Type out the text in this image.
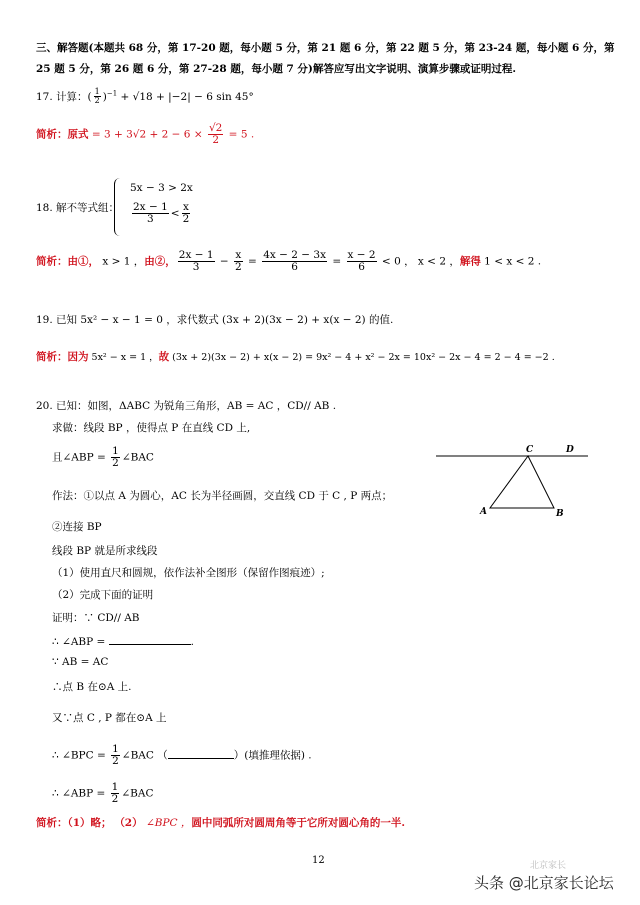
三、解答题(本题共 68 分，第 17-20 题，每小题 5 分，第 21 题 6 分，第 22 题 5 分，第 23-24 题，每小题 6 分，第
25 题 5 分，第 26 题 6 分，第 27-28 题，每小题 7 分)解答应写出文字说明、演算步骤或证明过程.
17. 计算：( $\frac{1}{2} )^{-1} + √18 + |-2| - 6$ sin 45°
简析：原式 = $3 + 3√2 + 2 - 6 \times \frac{√2}{2} = 5$ .
18. 解不等式组：
5x − 3 > 2x
$\frac{2x - 1}{3} < \frac{x}{2}$
简析：由①， x > 1 ，由②， $\frac{2x - 1}{3} - \frac{x}{2} = \frac{4x - 2 - 3x}{6} = \frac{x - 2}{6} < 0$ ， x < 2 ，解得 1 < x < 2 .
19. 已知 5x² − x − 1 = 0 ，求代数式 (3x + 2)(3x − 2) + x(x − 2) 的值.
简析：因为 5x² − x = 1 ，故 (3x + 2)(3x − 2) + x(x − 2) = 9x² − 4 + x² − 2x = 10x² − 2x − 4 = 2 − 4 = −2 .
20. 已知：如图，ΔABC 为锐角三角形，AB = AC ，CD// AB .
求做：线段 BP ，使得点 P 在直线 CD 上,
且∠ABP = $\frac{1}{2}$ ∠BAC
作法：①以点 A 为圆心，AC 长为半径画圆，交直线 CD 于 C , P 两点；
②连接 BP
线段 BP 就是所求线段
（1）使用直尺和圆规，依作法补全图形（保留作图痕迹）;
（2）完成下面的证明
证明：∵ CD// AB
∴ ∠ABP =	.
∵ AB = AC
∴点 B 在⊙A 上.
又∵点 C , P 都在⊙A 上
∴ ∠BPC = $\frac{1}{2}$ ∠BAC （	）(填推理依据) .
∴ ∠ABP = $\frac{1}{2}$ ∠BAC
简析：（1）略； （2） ∠BPC ，圆中同弧所对圆周角等于它所对圆心角的一半.
C	D
A	B
12	北京家长
头条 @北京家长论坛
